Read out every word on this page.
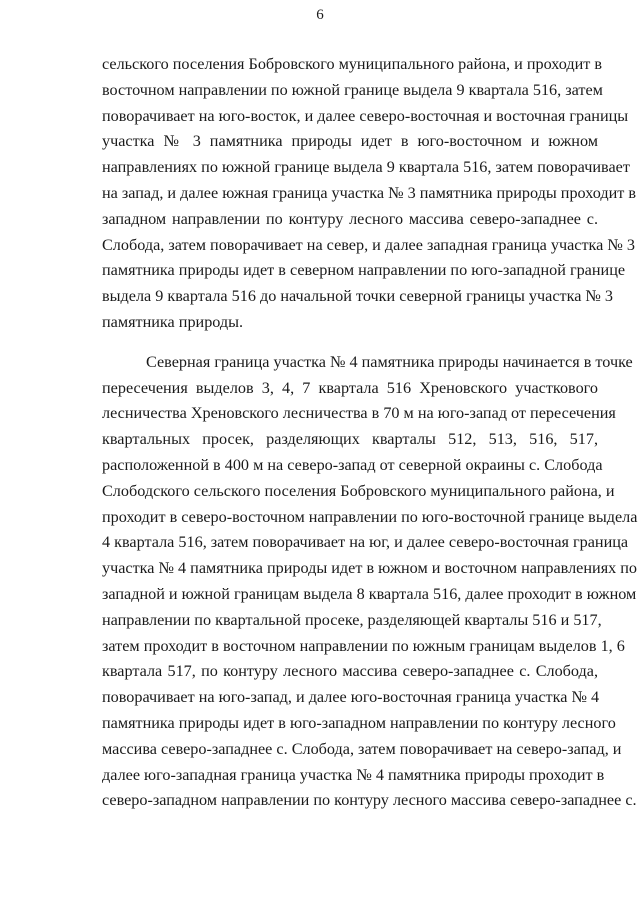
6
сельского поселения Бобровского муниципального района, и проходит в
восточном направлении по южной границе выдела 9 квартала 516, затем
поворачивает на юго-восток, и далее северо-восточная и восточная границы
участка № 3 памятника природы идет в юго-восточном и южном
направлениях по южной границе выдела 9 квартала 516, затем поворачивает
на запад, и далее южная граница участка № 3 памятника природы проходит в
западном направлении по контуру лесного массива северо-западнее с.
Слобода, затем поворачивает на север, и далее западная граница участка № 3
памятника природы идет в северном направлении по юго-западной границе
выдела 9 квартала 516 до начальной точки северной границы участка № 3
памятника природы.
Северная граница участка № 4 памятника природы начинается в точке
пересечения выделов 3, 4, 7 квартала 516 Хреновского участкового
лесничества Хреновского лесничества в 70 м на юго-запад от пересечения
квартальных просек, разделяющих кварталы 512, 513, 516, 517,
расположенной в 400 м на северо-запад от северной окраины с. Слобода
Слободского сельского поселения Бобровского муниципального района, и
проходит в северо-восточном направлении по юго-восточной границе выдела
4 квартала 516, затем поворачивает на юг, и далее северо-восточная граница
участка № 4 памятника природы идет в южном и восточном направлениях по
западной и южной границам выдела 8 квартала 516, далее проходит в южном
направлении по квартальной просеке, разделяющей кварталы 516 и 517,
затем проходит в восточном направлении по южным границам выделов 1, 6
квартала 517, по контуру лесного массива северо-западнее с. Слобода,
поворачивает на юго-запад, и далее юго-восточная граница участка № 4
памятника природы идет в юго-западном направлении по контуру лесного
массива северо-западнее с. Слобода, затем поворачивает на северо-запад, и
далее юго-западная граница участка № 4 памятника природы проходит в
северо-западном направлении по контуру лесного массива северо-западнее с.
